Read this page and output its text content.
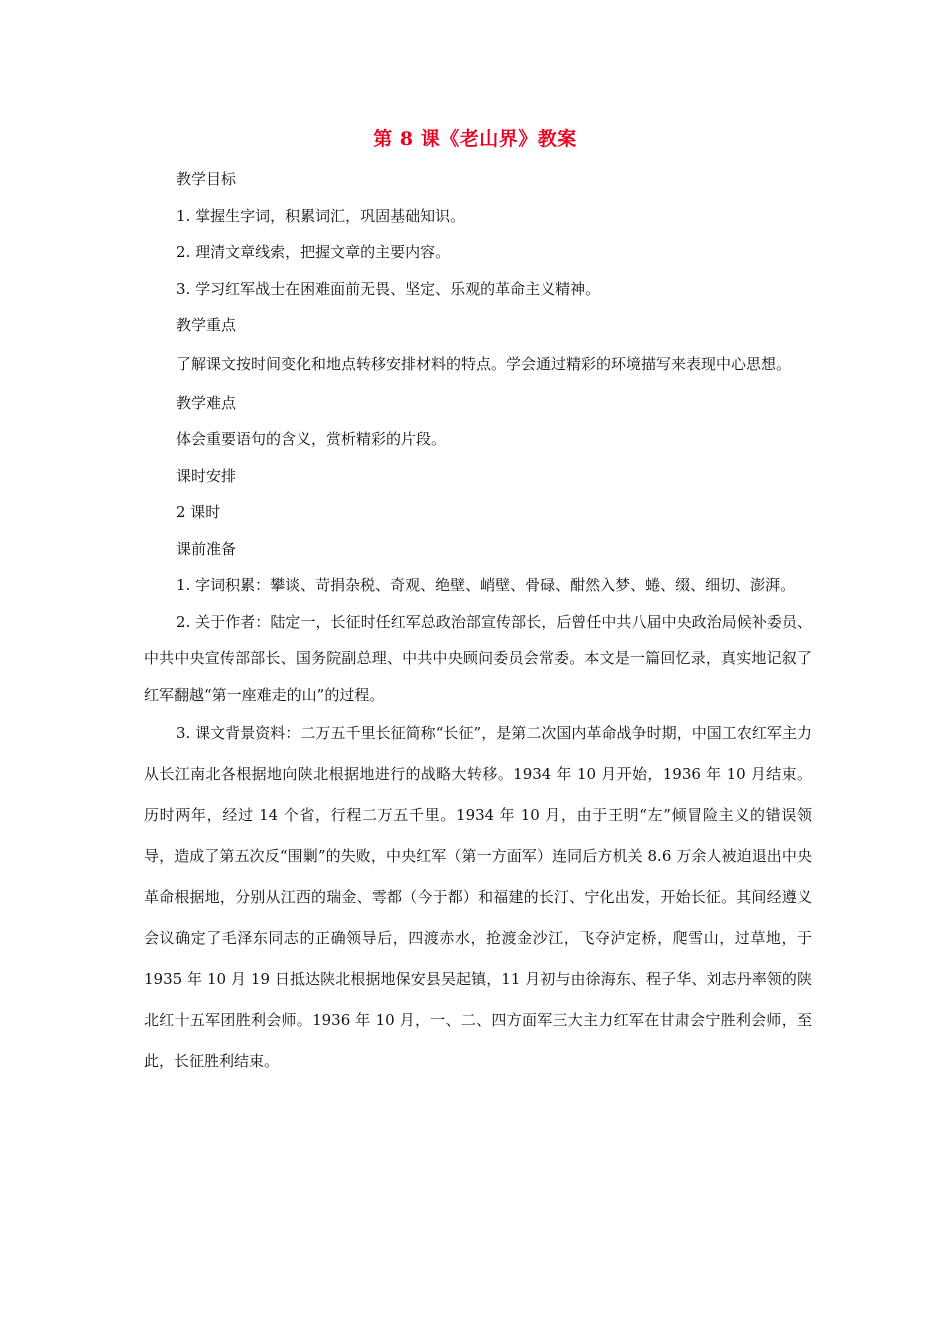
第 8 课《老山界》教案

教学目标

1. 掌握生字词，积累词汇，巩固基础知识。

2. 理清文章线索，把握文章的主要内容。

3. 学习红军战士在困难面前无畏、坚定、乐观的革命主义精神。

教学重点

了解课文按时间变化和地点转移安排材料的特点。学会通过精彩的环境描写来表现中心思想。

教学难点

体会重要语句的含义，赏析精彩的片段。

课时安排

2 课时

课前准备

1. 字词积累：攀谈、苛捐杂税、奇观、绝壁、峭壁、骨碌、酣然入梦、蜷、缀、细切、澎湃。

2. 关于作者：陆定一，长征时任红军总政治部宣传部长，后曾任中共八届中央政治局候补委员、中共中央宣传部部长、国务院副总理、中共中央顾问委员会常委。本文是一篇回忆录，真实地记叙了红军翻越“第一座难走的山”的过程。

3. 课文背景资料：二万五千里长征简称“长征”，是第二次国内革命战争时期，中国工农红军主力从长江南北各根据地向陕北根据地进行的战略大转移。1934 年 10 月开始，1936 年 10 月结束。历时两年，经过 14 个省，行程二万五千里。1934 年 10 月，由于王明“左”倾冒险主义的错误领导，造成了第五次反“围剿”的失败，中央红军（第一方面军）连同后方机关 8.6 万余人被迫退出中央革命根据地，分别从江西的瑞金、雩都（今于都）和福建的长汀、宁化出发，开始长征。其间经遵义会议确定了毛泽东同志的正确领导后，四渡赤水，抢渡金沙江，飞夺泸定桥，爬雪山，过草地，于 1935 年 10 月 19 日抵达陕北根据地保安县吴起镇，11 月初与由徐海东、程子华、刘志丹率领的陕北红十五军团胜利会师。1936 年 10 月，一、二、四方面军三大主力红军在甘肃会宁胜利会师，至此，长征胜利结束。
